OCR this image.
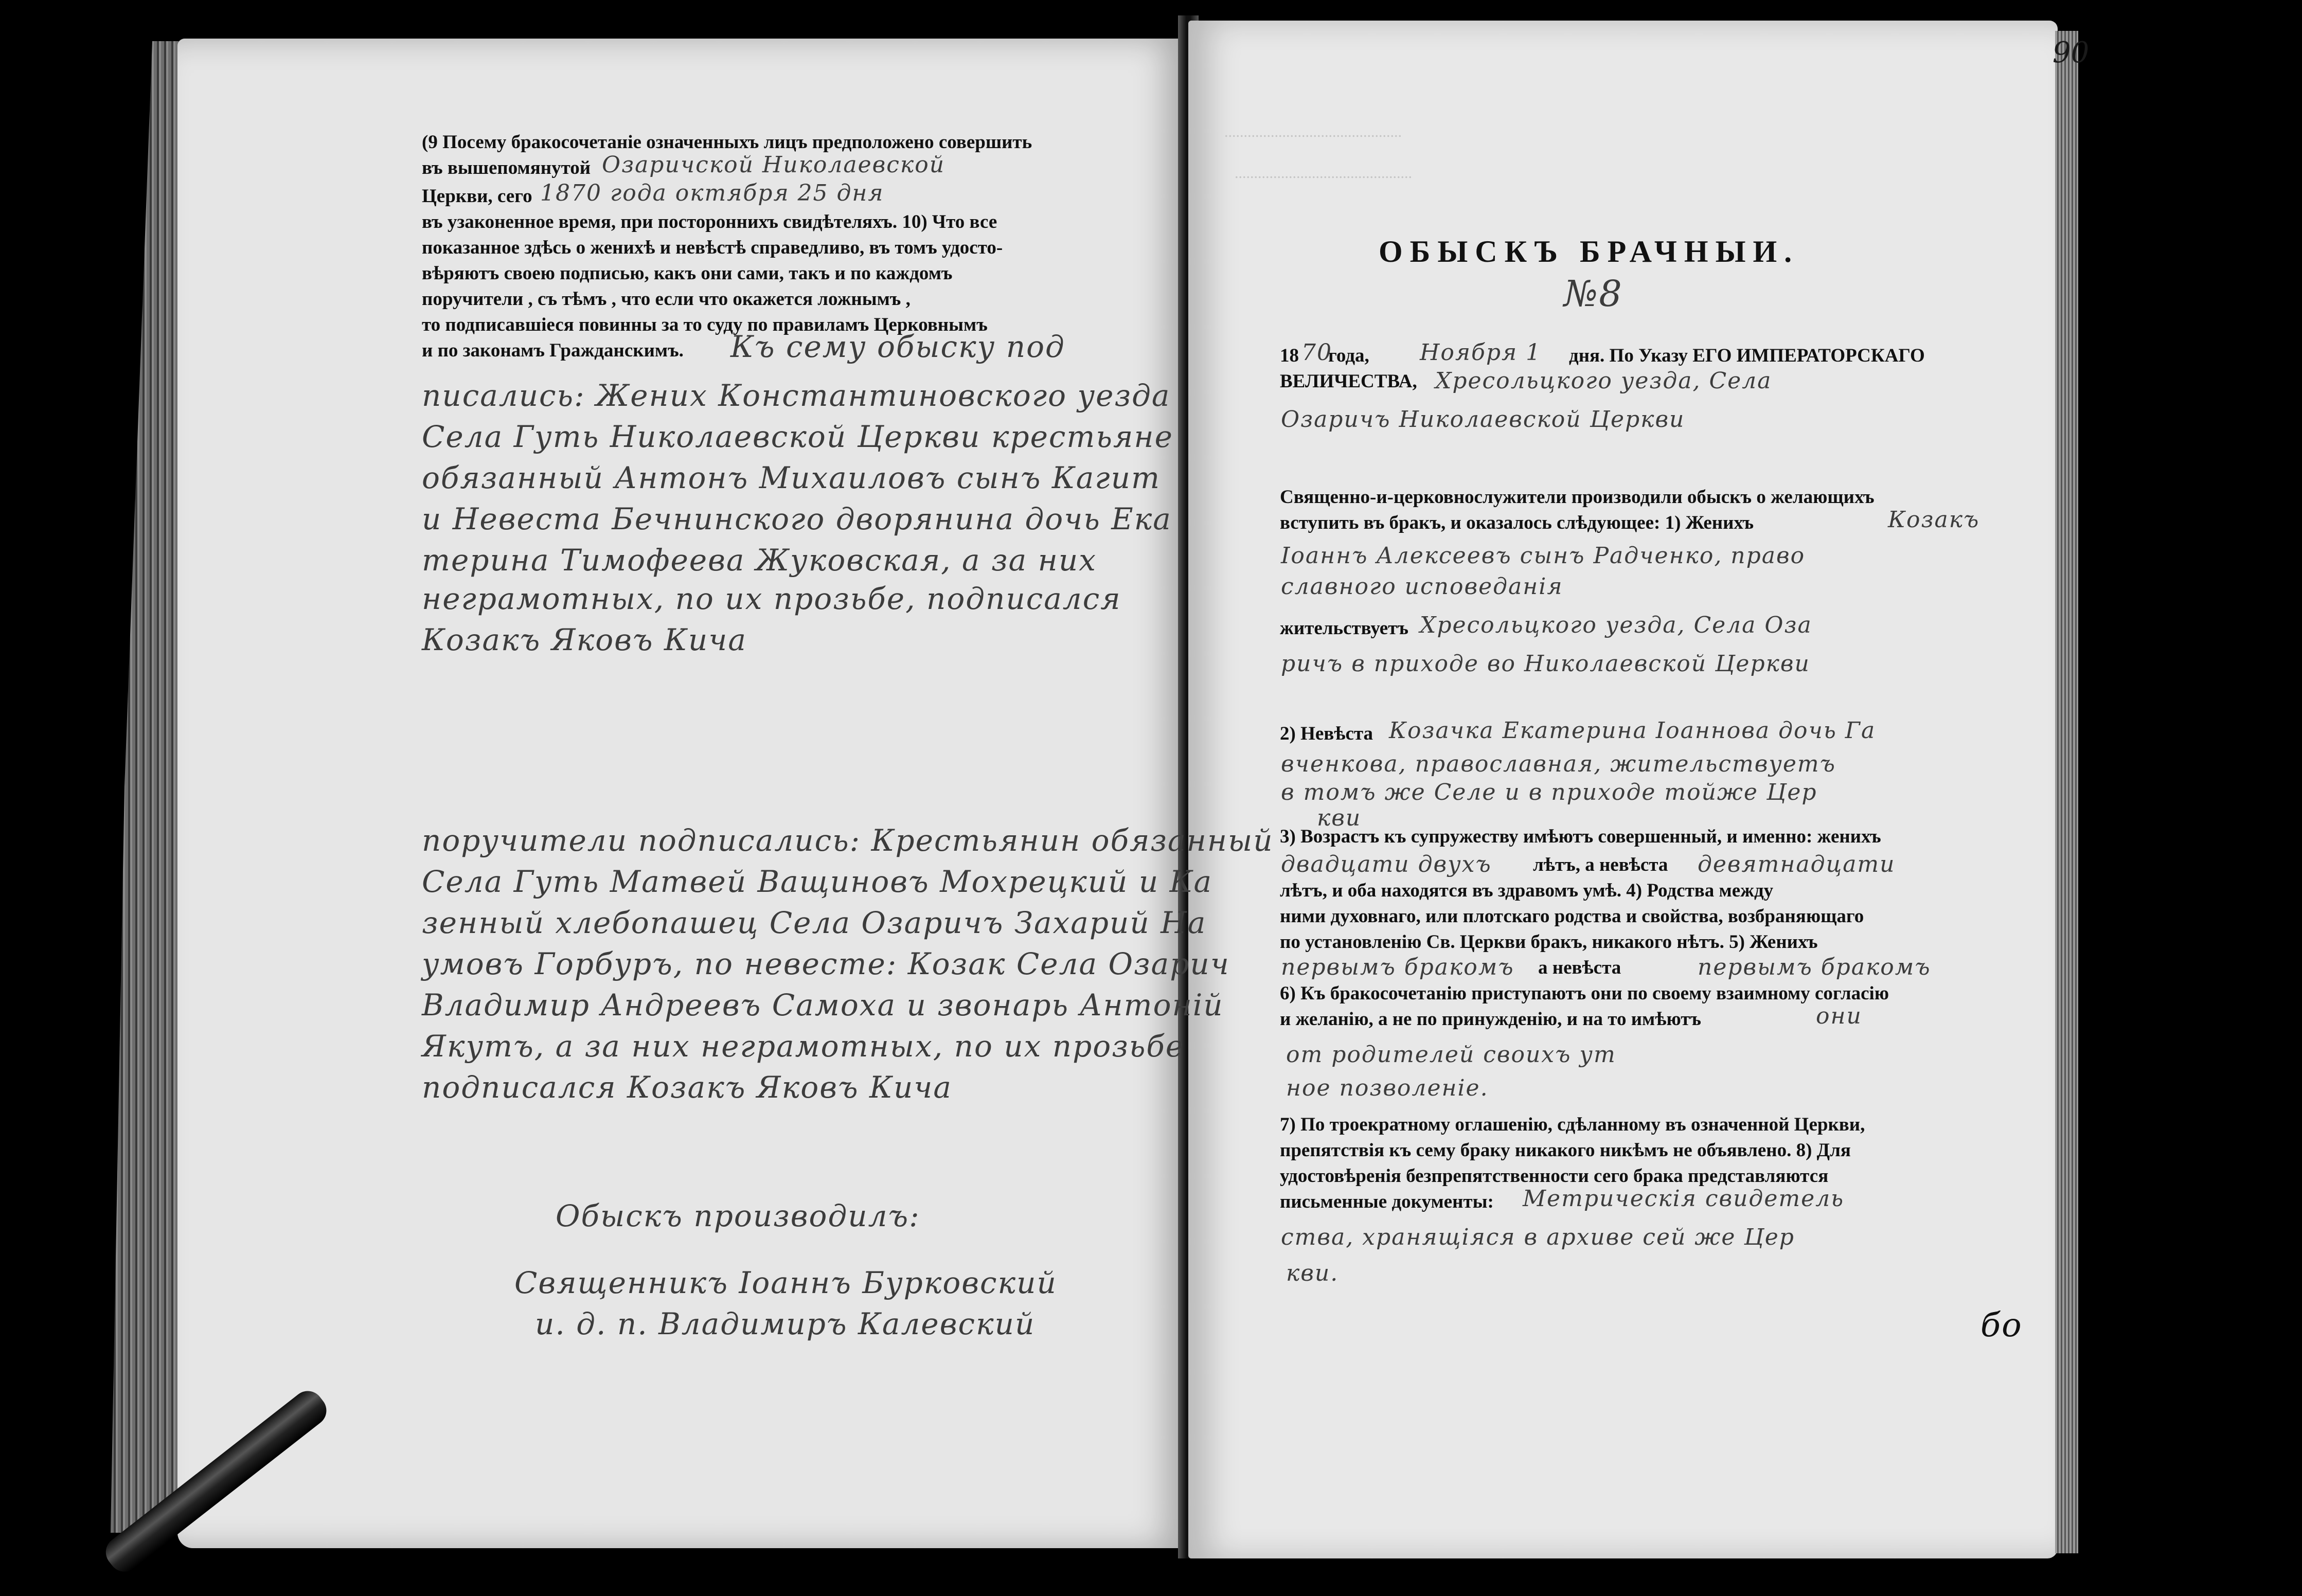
..............................................
..............................................
(9 Посему бракосочетаніе означенныхъ лицъ предположено совершить
въ вышепомянутой Озаричской Николаевской
Церкви, сего 1870 года октября 25 дня
въ узаконенное время, при постороннихъ свидѣтеляхъ. 10) Что все
показанное здѣсь о женихѣ и невѣстѣ справедливо, въ томъ удосто-
вѣряютъ своею подписью, какъ они сами, такъ и по каждомъ
поручители , съ тѣмъ , что если что окажется ложнымъ ,
то подписавшіеся повинны за то суду по правиламъ Церковнымъ
и по законамъ Гражданскимъ. Къ сему обыску под
писались: Жених Константиновского уезда
Села Гуть Николаевской Церкви крестьяне
обязанный Антонъ Михаиловъ сынъ Кагит
и Невеста Бечнинского дворянина дочь Ека
терина Тимофеева Жуковская, а за них
неграмотных, по их прозьбе, подписался
Козакъ Яковъ Кича
поручители подписались: Крестьянин обязанный
Села Гуть Матвей Ващиновъ Мохрецкий и Ка
зенный хлебопашец Села Озаричъ Захарий На
умовъ Горбуръ, по невесте: Козак Села Озарич
Владимир Андреевъ Самоха и звонарь Антоній
Якутъ, а за них неграмотных, по их прозьбе
подписался Козакъ Яковъ Кича
Обыскъ производилъ:
Священникъ Іоаннъ Бурковский
и. д. п. Владимиръ Калевский
90
ОБЫСКЪ БРАЧНЫИ.
№8
18 70
года, Ноября 1 дня. По Указу ЕГО ИМПЕРАТОРСКАГО
ВЕЛИЧЕСТВА, Хресольцкого уезда, Села
Озаричъ Николаевской Церкви
Священно-и-церковнослужители производили обыскъ о желающихъ
вступить въ бракъ, и оказалось слѣдующее: 1) Женихъ	Козакъ
Іоаннъ Алексеевъ сынъ Радченко, право
славного исповеданія
жительствуетъ Хресольцкого уезда, Села Оза
ричъ в приходе во Николаевской Церкви
2) Невѣста Козачка Екатерина Іоаннова дочь Га
вченкова, православная, жительствуетъ
в томъ же Селе и в приходе тойже Цер
кви
3) Возрастъ къ супружеству имѣютъ совершенный, и именно: женихъ
двадцати двухъ лѣтъ, а невѣста девятнадцати
лѣтъ, и оба находятся въ здравомъ умѣ. 4) Родства между
ними духовнаго, или плотскаго родства и свойства, возбраняющаго
по установленію Св. Церкви бракъ, никакого нѣтъ. 5) Женихъ
первымъ бракомъ а невѣста	первымъ бракомъ
6) Къ бракосочетанію приступаютъ они по своему взаимному согласію
и желанію, а не по принужденію, и на то имѣютъ	они
от родителей своихъ ут
ное позволеніе.
7) По троекратному оглашенію, сдѣланному въ означенной Церкви,
препятствія къ сему браку никакого никѣмъ не объявлено. 8) Для
удостовѣренія безпрепятственности сего брака представляются
письменные документы: Метрическія свидетель
ства, хранящіяся в архиве сей же Цер
кви.
бо
